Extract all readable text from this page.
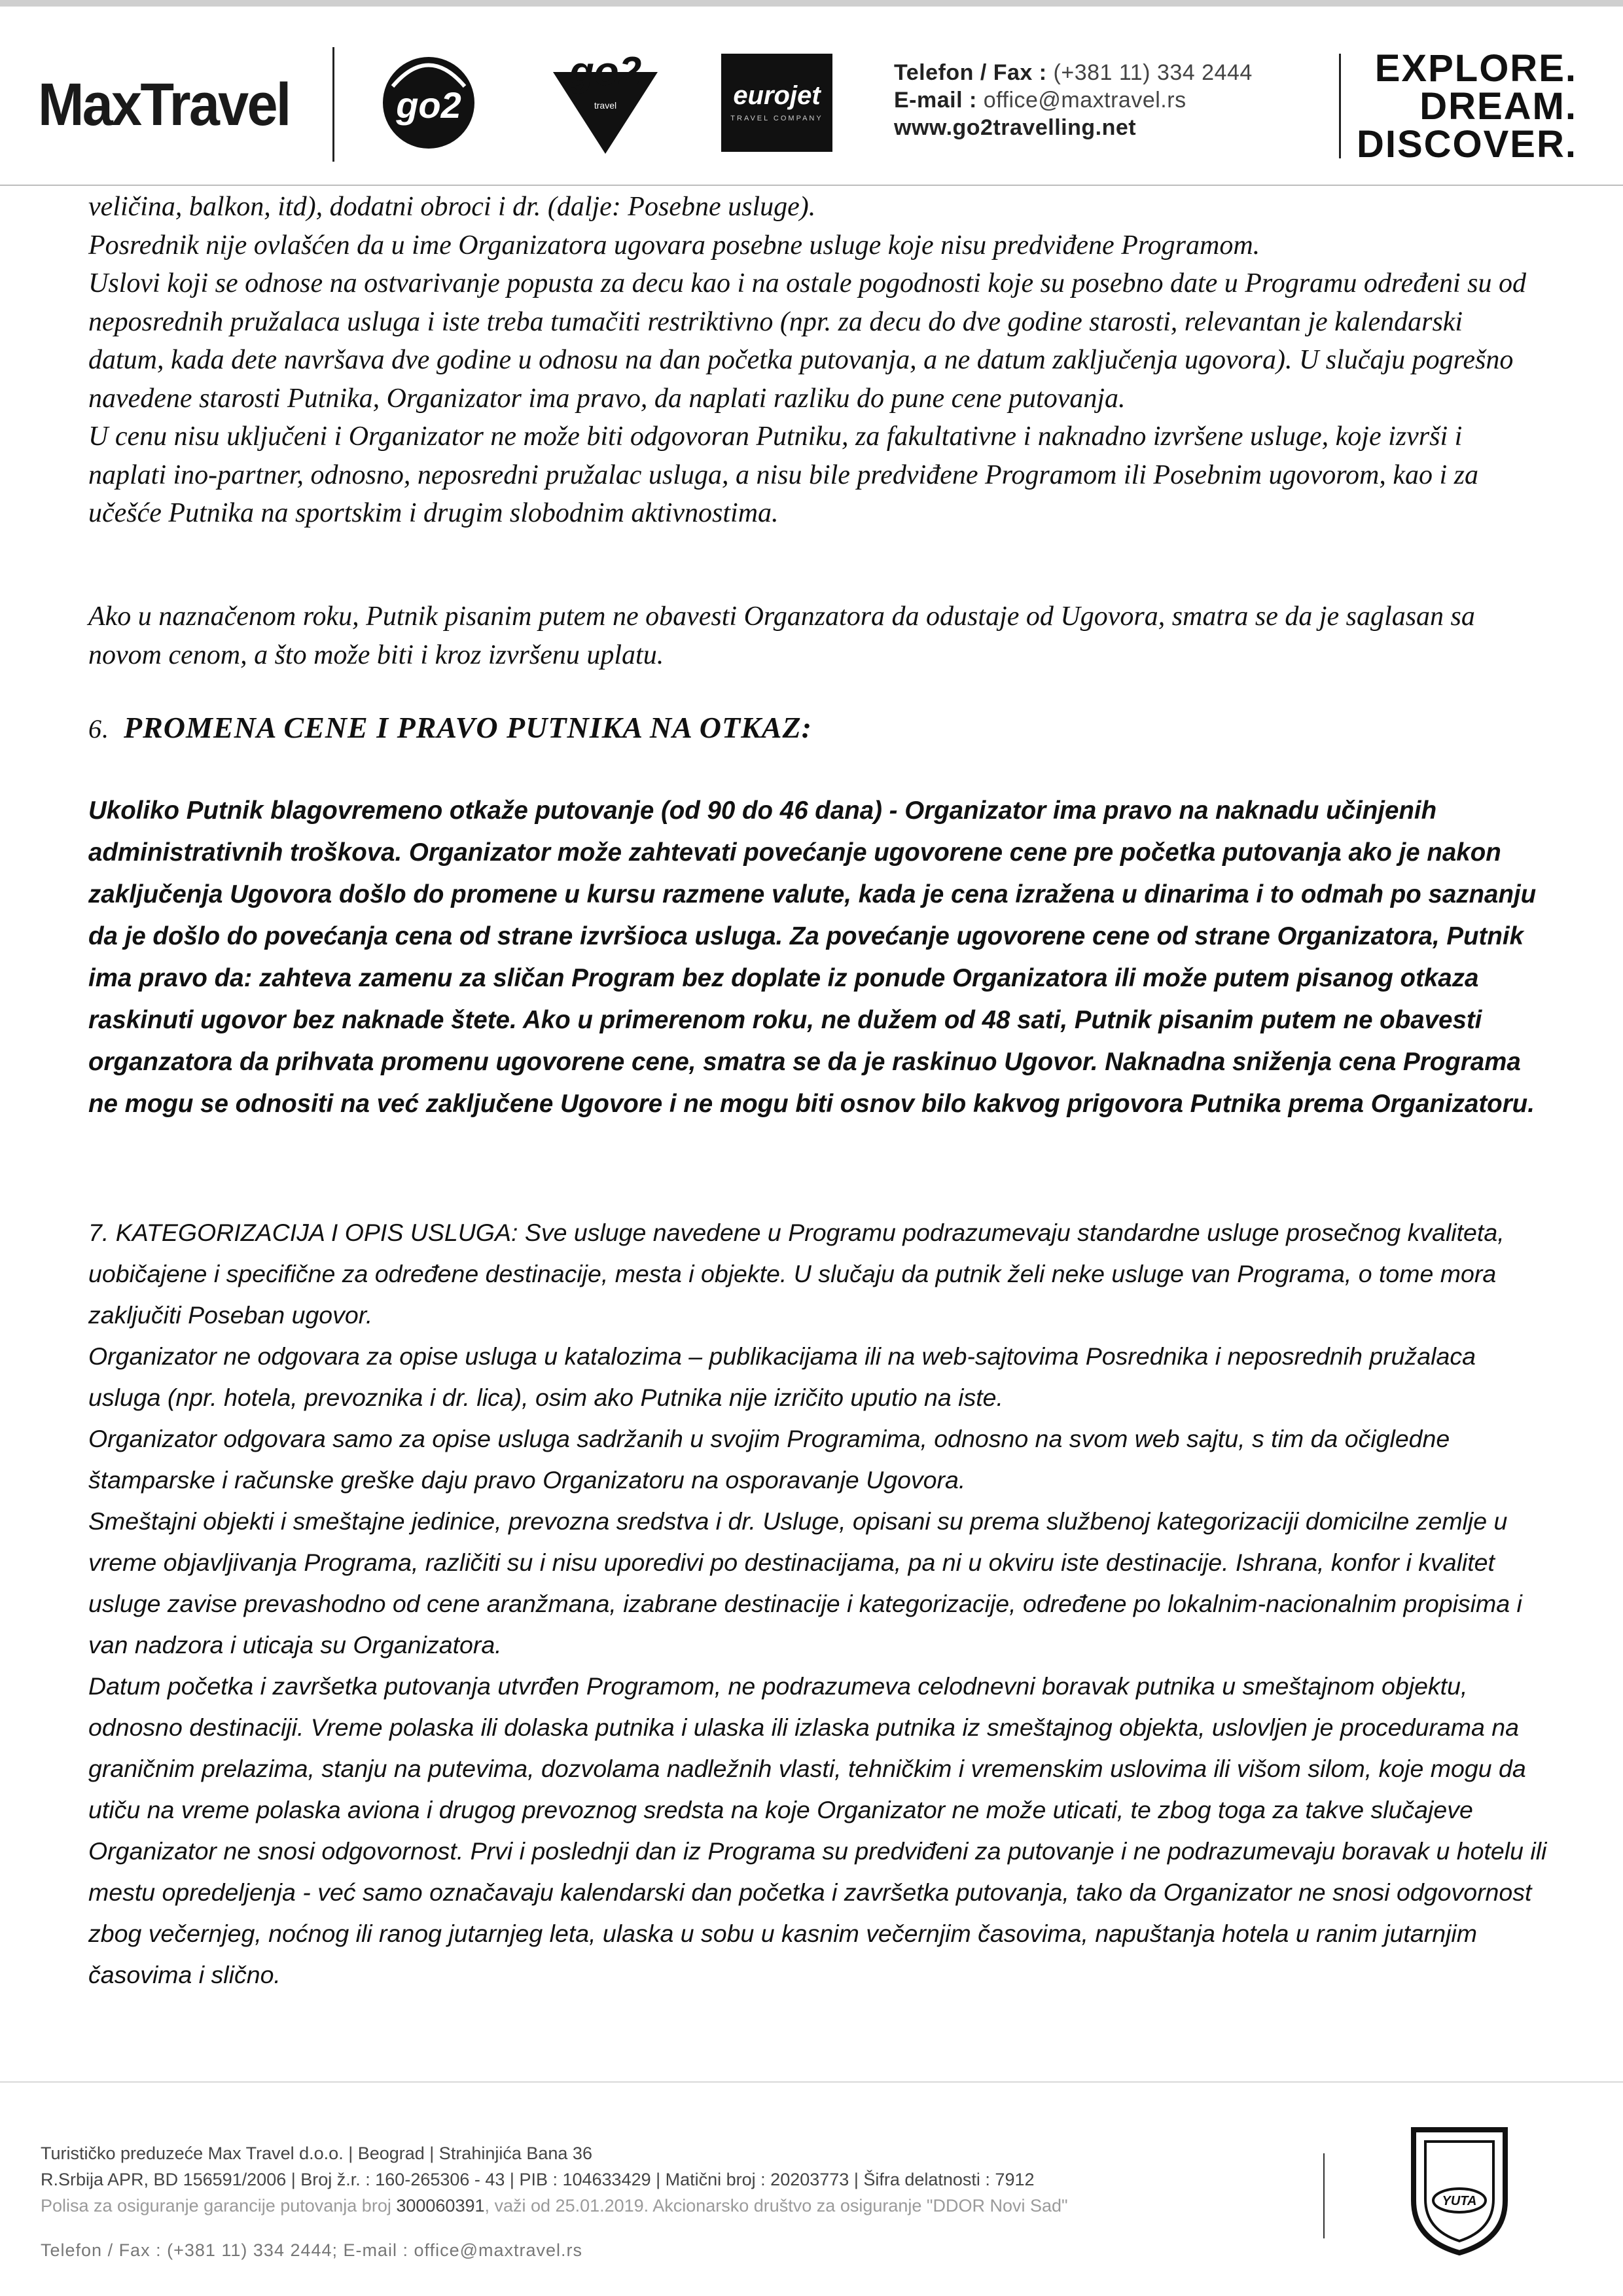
MaxTravel	go2
go2
travel	eurojet
TRAVEL COMPANY
Telefon / Fax : (+381 11) 334 2444
E-mail : office@maxtravel.rs
www.go2travelling.net
EXPLORE.
DREAM.
DISCOVER.

veličina, balkon, itd), dodatni obroci i dr. (dalje: Posebne usluge).

Posrednik nije ovlašćen da u ime Organizatora ugovara posebne usluge koje nisu predviđene Programom.

Uslovi koji se odnose na ostvarivanje popusta za decu kao i na ostale pogodnosti koje su posebno date u Programu određeni su od neposrednih pružalaca usluga i iste treba tumačiti restriktivno (npr. za decu do dve godine starosti, relevantan je kalendarski datum, kada dete navršava dve godine u odnosu na dan početka putovanja, a ne datum zaključenja ugovora). U slučaju pogrešno navedene starosti Putnika, Organizator ima pravo, da naplati razliku do pune cene putovanja.

U cenu nisu uključeni i Organizator ne može biti odgovoran Putniku, za fakultativne i naknadno izvršene usluge, koje izvrši i naplati ino-partner, odnosno, neposredni pružalac usluga, a nisu bile predviđene Programom ili Posebnim ugovorom, kao i za učešće Putnika na sportskim i drugim slobodnim aktivnostima.

Ako u naznačenom roku, Putnik pisanim putem ne obavesti Organzatora da odustaje od Ugovora, smatra se da je saglasan sa novom cenom, a što može biti i kroz izvršenu uplatu.

6. PROMENA CENE I PRAVO PUTNIKA NA OTKAZ:

Ukoliko Putnik blagovremeno otkaže putovanje (od 90 do 46 dana) - Organizator ima pravo na naknadu učinjenih administrativnih troškova. Organizator može zahtevati povećanje ugovorene cene pre početka putovanja ako je nakon zaključenja Ugovora došlo do promene u kursu razmene valute, kada je cena izražena u dinarima i to odmah po saznanju da je došlo do povećanja cena od strane izvršioca usluga. Za povećanje ugovorene cene od strane Organizatora, Putnik ima pravo da: zahteva zamenu za sličan Program bez doplate iz ponude Organizatora ili može putem pisanog otkaza raskinuti ugovor bez naknade štete. Ako u primerenom roku, ne dužem od 48 sati, Putnik pisanim putem ne obavesti organzatora da prihvata promenu ugovorene cene, smatra se da je raskinuo Ugovor. Naknadna sniženja cena Programa ne mogu se odnositi na već zaključene Ugovore i ne mogu biti osnov bilo kakvog prigovora Putnika prema Organizatoru.

7. KATEGORIZACIJA I OPIS USLUGA: Sve usluge navedene u Programu podrazumevaju standardne usluge prosečnog kvaliteta, uobičajene i specifične za određene destinacije, mesta i objekte. U slučaju da putnik želi neke usluge van Programa, o tome mora zaključiti Poseban ugovor.

Organizator ne odgovara za opise usluga u katalozima – publikacijama ili na web-sajtovima Posrednika i neposrednih pružalaca usluga (npr. hotela, prevoznika i dr. lica), osim ako Putnika nije izričito uputio na iste.

Organizator odgovara samo za opise usluga sadržanih u svojim Programima, odnosno na svom web sajtu, s tim da očigledne štamparske i računske greške daju pravo Organizatoru na osporavanje Ugovora.

Smeštajni objekti i smeštajne jedinice, prevozna sredstva i dr. Usluge, opisani su prema službenoj kategorizaciji domicilne zemlje u vreme objavljivanja Programa, različiti su i nisu uporedivi po destinacijama, pa ni u okviru iste destinacije. Ishrana, konfor i kvalitet usluge zavise prevashodno od cene aranžmana, izabrane destinacije i kategorizacije, određene po lokalnim-nacionalnim propisima i van nadzora i uticaja su Organizatora.

Datum početka i završetka putovanja utvrđen Programom, ne podrazumeva celodnevni boravak putnika u smeštajnom objektu, odnosno destinaciji. Vreme polaska ili dolaska putnika i ulaska ili izlaska putnika iz smeštajnog objekta, uslovljen je procedurama na graničnim prelazima, stanju na putevima, dozvolama nadležnih vlasti, tehničkim i vremenskim uslovima ili višom silom, koje mogu da utiču na vreme polaska aviona i drugog prevoznog sredsta na koje Organizator ne može uticati, te zbog toga za takve slučajeve Organizator ne snosi odgovornost. Prvi i poslednji dan iz Programa su predviđeni za putovanje i ne podrazumevaju boravak u hotelu ili mestu opredeljenja - već samo označavaju kalendarski dan početka i završetka putovanja, tako da Organizator ne snosi odgovornost zbog večernjeg, noćnog ili ranog jutarnjeg leta, ulaska u sobu u kasnim večernjim časovima, napuštanja hotela u ranim jutarnjim časovima i slično.

Turističko preduzeće Max Travel d.o.o. | Beograd | Strahinjića Bana 36
R.Srbija APR, BD 156591/2006 | Broj ž.r. : 160-265306 - 43 | PIB : 104633429 | Matični broj : 20203773 | Šifra delatnosti : 7912
Polisa za osiguranje garancije putovanja broj 300060391, važi od 25.01.2019. Akcionarsko društvo za osiguranje "DDOR Novi Sad"
Telefon / Fax : (+381 11) 334 2444; E-mail : office@maxtravel.rs
YUTA
